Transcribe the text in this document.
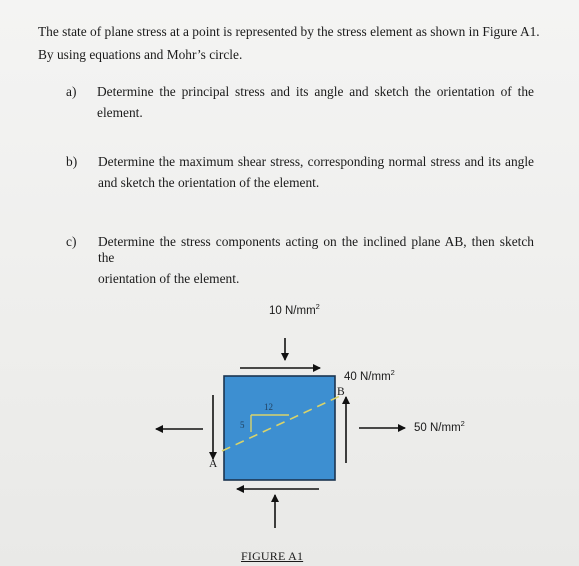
The state of plane stress at a point is represented by the stress element as shown in Figure A1.
By using equations and Mohr’s circle.
a) Determine the principal stress and its angle and sketch the orientation of the
element.
b) Determine the maximum shear stress, corresponding normal stress and its angle
and sketch the orientation of the element.
c) Determine the stress components acting on the inclined plane AB, then sketch the
orientation of the element.
10 $N/mm^2$
40 $N/mm^2$
50 $N/mm^2$
B
A
12
5
FIGURE A1
